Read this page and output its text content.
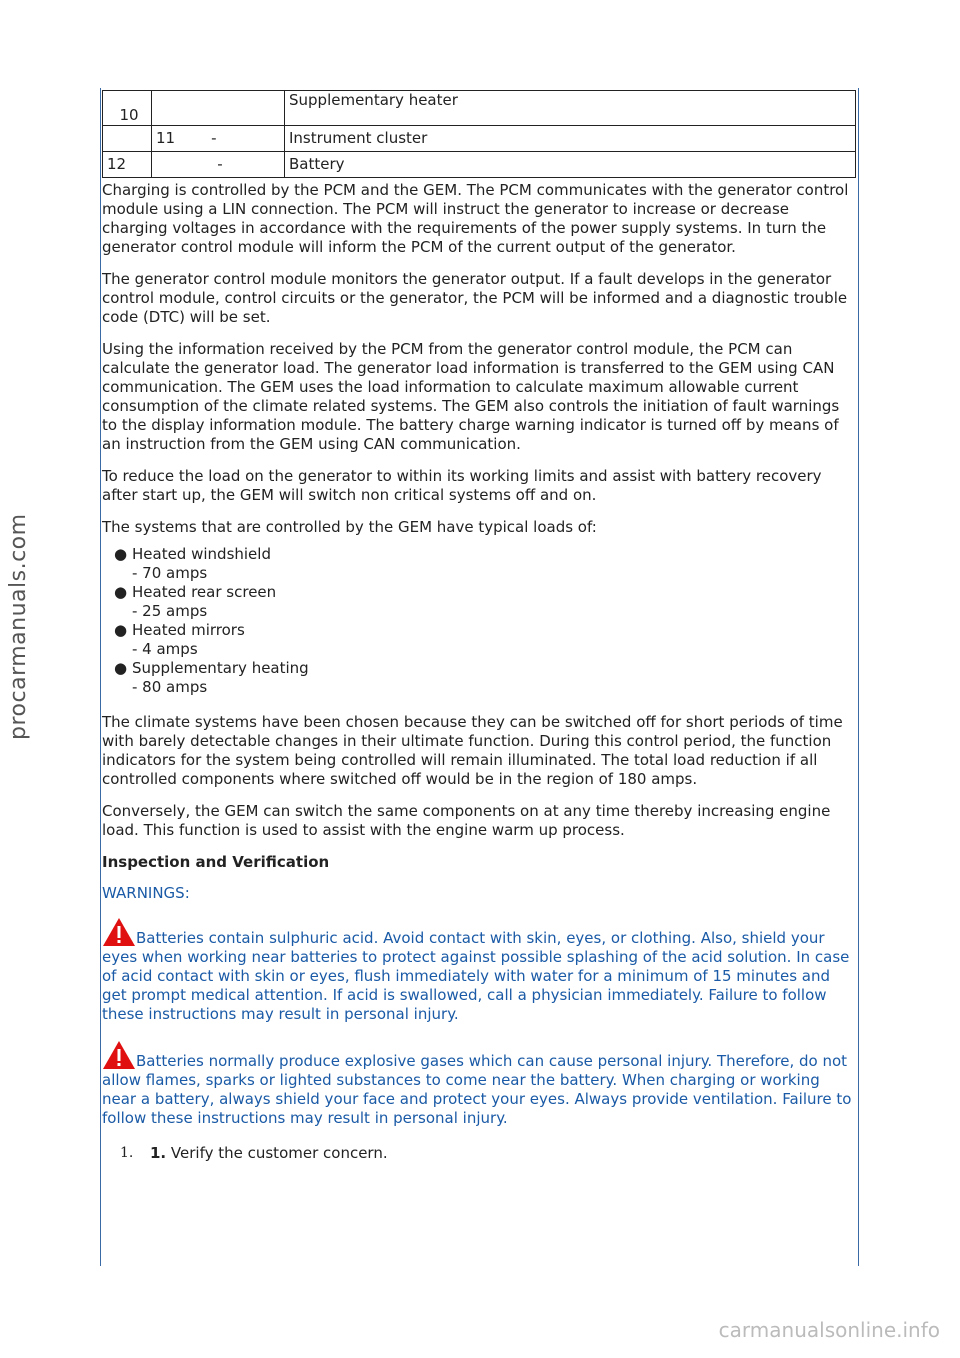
procarmanuals.com
10		Supplementary heater
	11 -	Instrument cluster
12	-	Battery

Charging is controlled by the PCM and the GEM. The PCM communicates with the generator control module using a LIN connection. The PCM will instruct the generator to increase or decrease charging voltages in accordance with the requirements of the power supply systems. In turn the generator control module will inform the PCM of the current output of the generator.

The generator control module monitors the generator output. If a fault develops in the generator control module, control circuits or the generator, the PCM will be informed and a diagnostic trouble code (DTC) will be set.

Using the information received by the PCM from the generator control module, the PCM can calculate the generator load. The generator load information is transferred to the GEM using CAN communication. The GEM uses the load information to calculate maximum allowable current consumption of the climate related systems. The GEM also controls the initiation of fault warnings to the display information module. The battery charge warning indicator is turned off by means of an instruction from the GEM using CAN communication.

To reduce the load on the generator to within its working limits and assist with battery recovery after start up, the GEM will switch non critical systems off and on.

The systems that are controlled by the GEM have typical loads of:

● Heated windshield
- 70 amps
● Heated rear screen
- 25 amps
● Heated mirrors
- 4 amps
● Supplementary heating
- 80 amps

The climate systems have been chosen because they can be switched off for short periods of time with barely detectable changes in their ultimate function. During this control period, the function indicators for the system being controlled will remain illuminated. The total load reduction if all controlled components where switched off would be in the region of 180 amps.

Conversely, the GEM can switch the same components on at any time thereby increasing engine load. This function is used to assist with the engine warm up process.

Inspection and Verification
WARNINGS:
Batteries contain sulphuric acid. Avoid contact with skin, eyes, or clothing. Also, shield your eyes when working near batteries to protect against possible splashing of the acid solution. In case of acid contact with skin or eyes, flush immediately with water for a minimum of 15 minutes and get prompt medical attention. If acid is swallowed, call a physician immediately. Failure to follow these instructions may result in personal injury.
Batteries normally produce explosive gases which can cause personal injury. Therefore, do not allow flames, sparks or lighted substances to come near the battery. When charging or working near a battery, always shield your face and protect your eyes. Always provide ventilation. Failure to follow these instructions may result in personal injury.
1. 1. Verify the customer concern.
carmanualsonline.info
